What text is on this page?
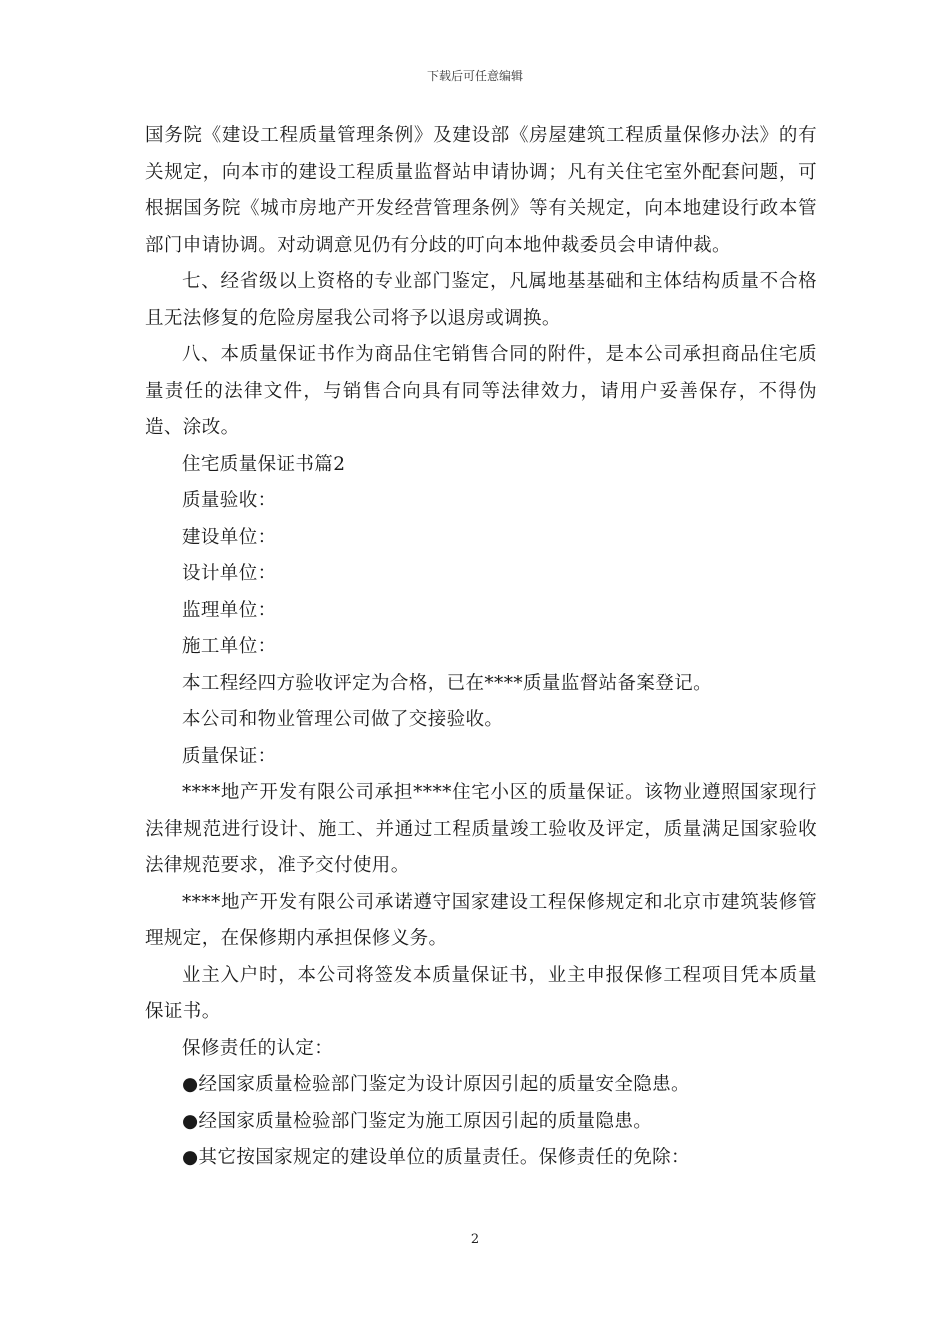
下载后可任意编辑

国务院《建设工程质量管理条例》及建设部《房屋建筑工程质量保修办法》的有关规定，向本市的建设工程质量监督站申请协调；凡有关住宅室外配套问题，可根据国务院《城市房地产开发经营管理条例》等有关规定，向本地建设行政本管部门申请协调。对动调意见仍有分歧的叮向本地仲裁委员会申请仲裁。

七、经省级以上资格的专业部门鉴定，凡属地基基础和主体结构质量不合格且无法修复的危险房屋我公司将予以退房或调换。

八、本质量保证书作为商品住宅销售合同的附件，是本公司承担商品住宅质量责任的法律文件，与销售合向具有同等法律效力，请用户妥善保存，不得伪造、涂改。

住宅质量保证书篇2

质量验收：

建设单位：

设计单位：

监理单位：

施工单位：

本工程经四方验收评定为合格，已在****质量监督站备案登记。

本公司和物业管理公司做了交接验收。

质量保证：

****地产开发有限公司承担****住宅小区的质量保证。该物业遵照国家现行法律规范进行设计、施工、并通过工程质量竣工验收及评定，质量满足国家验收法律规范要求，准予交付使用。

****地产开发有限公司承诺遵守国家建设工程保修规定和北京市建筑装修管理规定，在保修期内承担保修义务。

业主入户时，本公司将签发本质量保证书，业主申报保修工程项目凭本质量保证书。

保修责任的认定：

●经国家质量检验部门鉴定为设计原因引起的质量安全隐患。

●经国家质量检验部门鉴定为施工原因引起的质量隐患。

●其它按国家规定的建设单位的质量责任。保修责任的免除：

2
